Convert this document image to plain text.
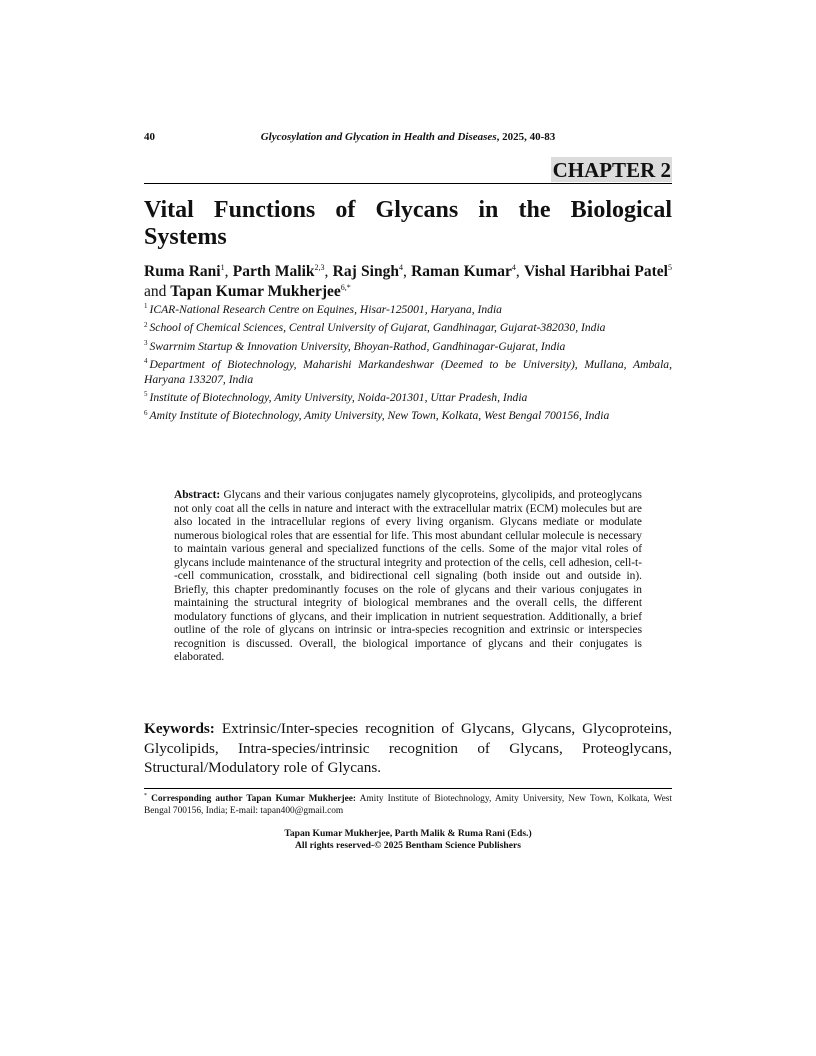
40	Glycosylation and Glycation in Health and Diseases, 2025, 40-83
CHAPTER 2
Vital Functions of Glycans in the Biological Systems

Ruma Rani$^1$, Parth Malik$^{2,3}$, Raj Singh$^4$, Raman Kumar$^4$, Vishal Haribhai Patel$^5$ and Tapan Kumar Mukherjee$^{6,*}$

$^1$ ICAR-National Research Centre on Equines, Hisar-125001, Haryana, India
$^2$ School of Chemical Sciences, Central University of Gujarat, Gandhinagar, Gujarat-382030, India
$^3$ Swarrnim Startup & Innovation University, Bhoyan-Rathod, Gandhinagar-Gujarat, India
$^4$ Department of Biotechnology, Maharishi Markandeshwar (Deemed to be University), Mullana, Ambala, Haryana 133207, India
$^5$ Institute of Biotechnology, Amity University, Noida-201301, Uttar Pradesh, India
$^6$ Amity Institute of Biotechnology, Amity University, New Town, Kolkata, West Bengal 700156, India

Abstract: Glycans and their various conjugates namely glycoproteins, glycolipids, and proteoglycans not only coat all the cells in nature and interact with the extracellular matrix (ECM) molecules but are also located in the intracellular regions of every living organism. Glycans mediate or modulate numerous biological roles that are essential for life. This most abundant cellular molecule is necessary to maintain various general and specialized functions of the cells. Some of the major vital roles of glycans include maintenance of the structural integrity and protection of the cells, cell adhesion, cell-t--cell communication, crosstalk, and bidirectional cell signaling (both inside out and outside in). Briefly, this chapter predominantly focuses on the role of glycans and their various conjugates in maintaining the structural integrity of biological membranes and the overall cells, the different modulatory functions of glycans, and their implication in nutrient sequestration. Additionally, a brief outline of the role of glycans on intrinsic or intra-species recognition and extrinsic or interspecies recognition is discussed. Overall, the biological importance of glycans and their conjugates is elaborated.

Keywords: Extrinsic/Inter-species recognition of Glycans, Glycans, Glycoproteins, Glycolipids, Intra-species/intrinsic recognition of Glycans, Proteoglycans, Structural/Modulatory role of Glycans.

* Corresponding author Tapan Kumar Mukherjee: Amity Institute of Biotechnology, Amity University, New Town, Kolkata, West Bengal 700156, India; E-mail: tapan400@gmail.com

Tapan Kumar Mukherjee, Parth Malik & Ruma Rani (Eds.)
All rights reserved-© 2025 Bentham Science Publishers
